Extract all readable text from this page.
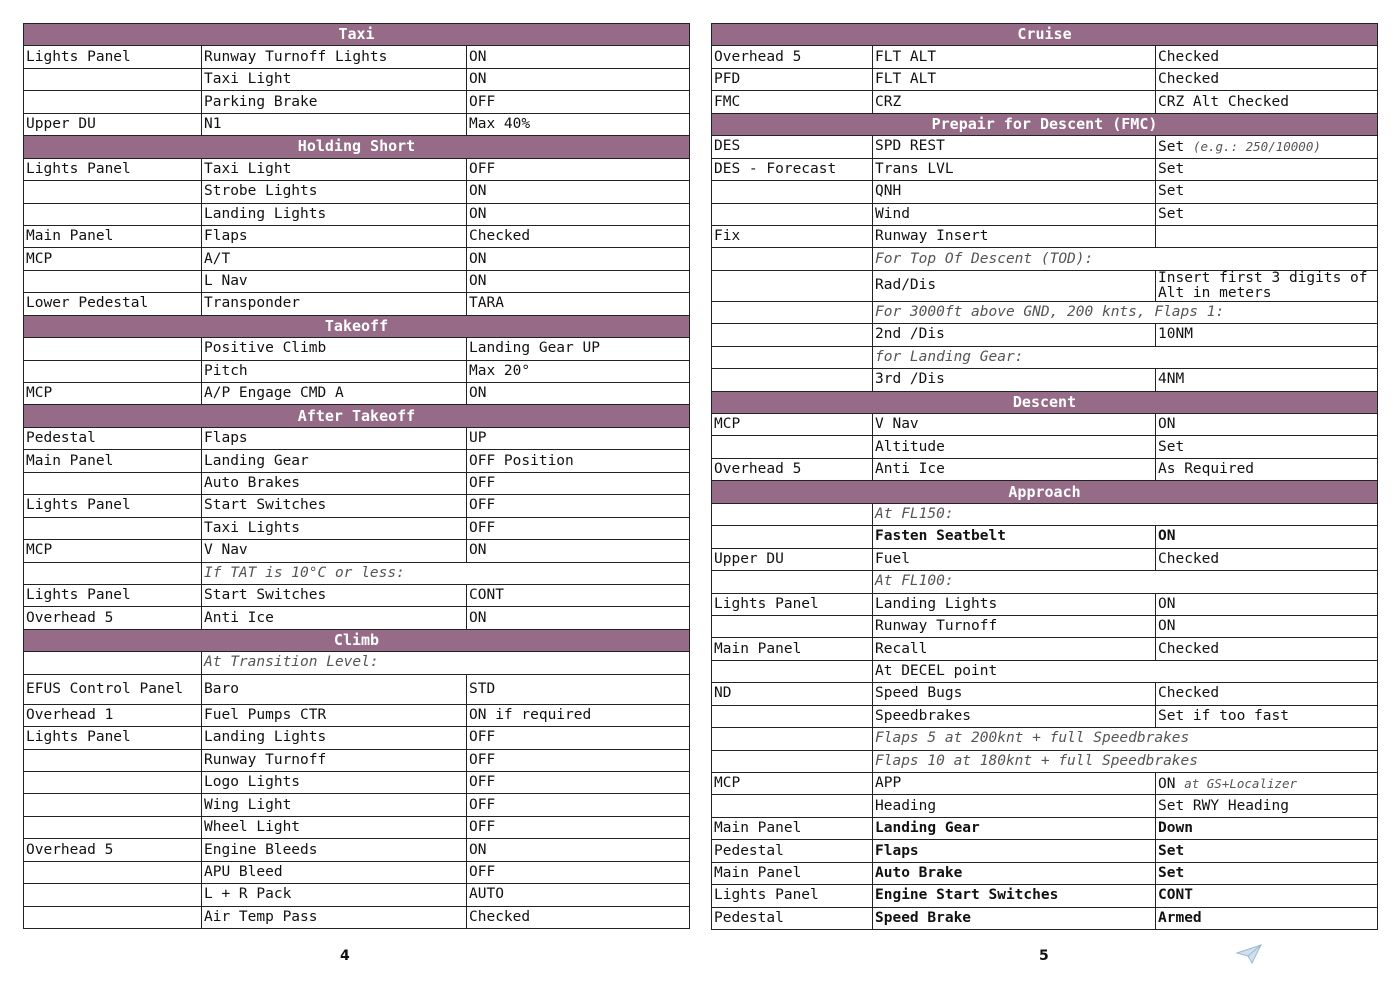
Taxi		
Lights Panel	Runway Turnoff Lights	ON
	Taxi Light	ON
	Parking Brake	OFF
Upper DU	N1	Max 40%
Holding Short		
Lights Panel	Taxi Light	OFF
	Strobe Lights	ON
	Landing Lights	ON
Main Panel	Flaps	Checked
MCP	A/T	ON
	L Nav	ON
Lower Pedestal	Transponder	TARA
Takeoff		
	Positive Climb	Landing Gear UP
	Pitch	Max 20°
MCP	A/P Engage CMD A	ON
After Takeoff		
Pedestal	Flaps	UP
Main Panel	Landing Gear	OFF Position
	Auto Brakes	OFF
Lights Panel	Start Switches	OFF
	Taxi Lights	OFF
MCP	V Nav	ON
	If TAT is 10°C or less:	
Lights Panel	Start Switches	CONT
Overhead 5	Anti Ice	ON
Climb		
	At Transition Level:	
EFUS Control Panel	Baro	STD
Overhead 1	Fuel Pumps CTR	ON if required
Lights Panel	Landing Lights	OFF
	Runway Turnoff	OFF
	Logo Lights	OFF
	Wing Light	OFF
	Wheel Light	OFF
Overhead 5	Engine Bleeds	ON
	APU Bleed	OFF
	L + R Pack	AUTO
	Air Temp Pass	Checked
Cruise		
Overhead 5	FLT ALT	Checked
PFD	FLT ALT	Checked
FMC	CRZ	CRZ Alt Checked
Prepair for Descent (FMC)		
DES	SPD REST	Set (e.g.: 250/10000)
DES - Forecast	Trans LVL	Set
	QNH	Set
	Wind	Set
Fix	Runway Insert	
	For Top Of Descent (TOD):	
	Rad/Dis	Insert first 3 digits of Alt in meters
	For 3000ft above GND, 200 knts, Flaps 1:	
	2nd /Dis	10NM
	for Landing Gear:	
	3rd /Dis	4NM
Descent		
MCP	V Nav	ON
	Altitude	Set
Overhead 5	Anti Ice	As Required
Approach		
	At FL150:	
	Fasten Seatbelt	ON
Upper DU	Fuel	Checked
	At FL100:	
Lights Panel	Landing Lights	ON
	Runway Turnoff	ON
Main Panel	Recall	Checked
	At DECEL point	
ND	Speed Bugs	Checked
	Speedbrakes	Set if too fast
	Flaps 5 at 200knt + full Speedbrakes	
	Flaps 10 at 180knt + full Speedbrakes	
MCP	APP	ON at GS+Localizer
	Heading	Set RWY Heading
Main Panel	Landing Gear	Down
Pedestal	Flaps	Set
Main Panel	Auto Brake	Set
Lights Panel	Engine Start Switches	CONT
Pedestal	Speed Brake	Armed
4	5
